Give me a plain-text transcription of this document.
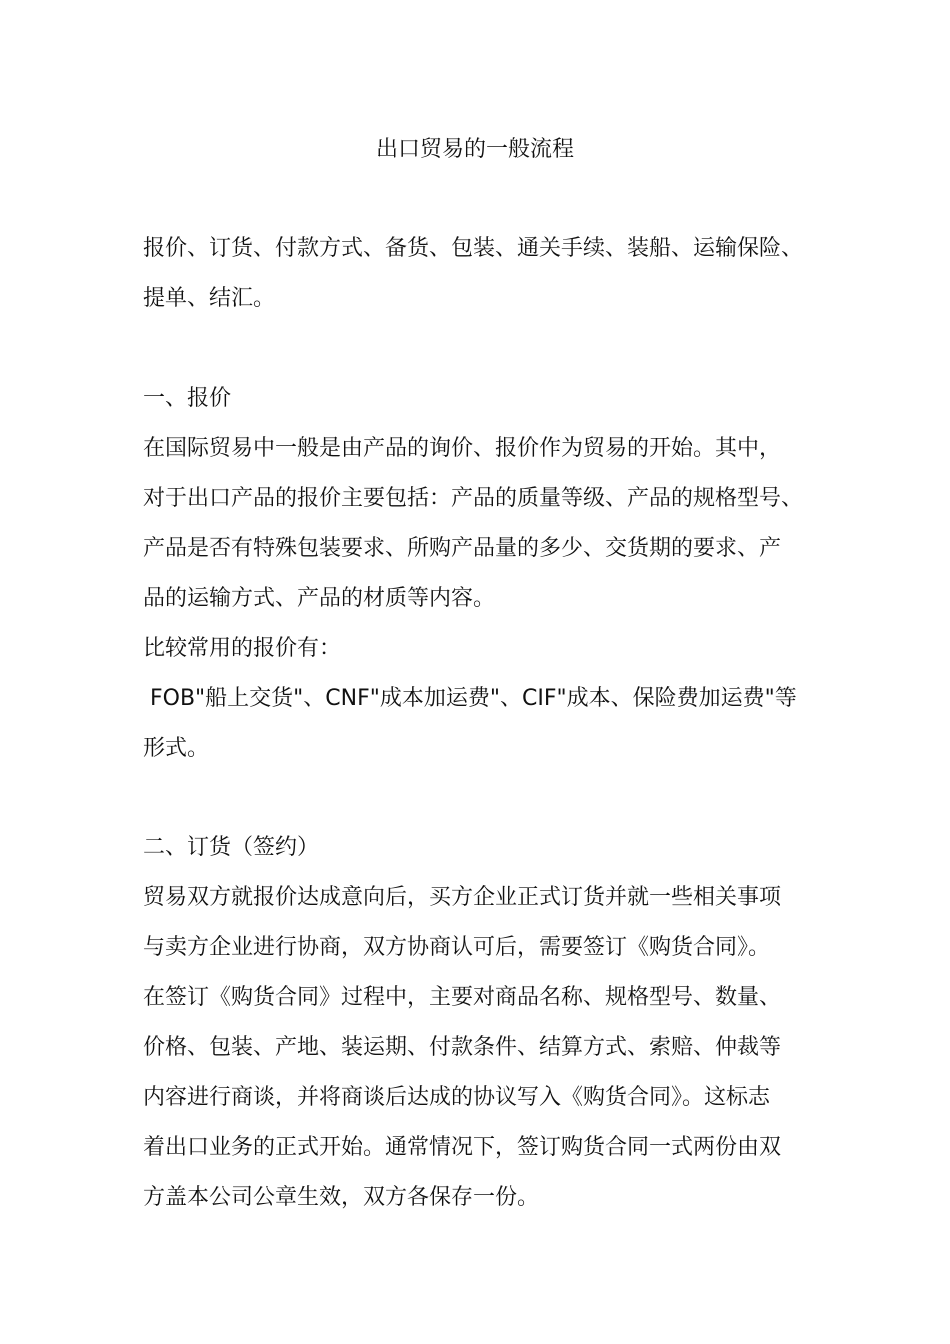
出口贸易的一般流程
报价、订货、付款方式、备货、包装、通关手续、装船、运输保险、
提单、结汇。
一、报价
在国际贸易中一般是由产品的询价、报价作为贸易的开始。其中，
对于出口产品的报价主要包括：产品的质量等级、产品的规格型号、
产品是否有特殊包装要求、所购产品量的多少、交货期的要求、产
品的运输方式、产品的材质等内容。
比较常用的报价有：
FOB"船上交货"、CNF"成本加运费"、CIF"成本、保险费加运费"等
形式。
二、订货（签约）
贸易双方就报价达成意向后，买方企业正式订货并就一些相关事项
与卖方企业进行协商，双方协商认可后，需要签订《购货合同》。
在签订《购货合同》过程中，主要对商品名称、规格型号、数量、
价格、包装、产地、装运期、付款条件、结算方式、索赔、仲裁等
内容进行商谈，并将商谈后达成的协议写入《购货合同》。这标志
着出口业务的正式开始。通常情况下，签订购货合同一式两份由双
方盖本公司公章生效，双方各保存一份。
